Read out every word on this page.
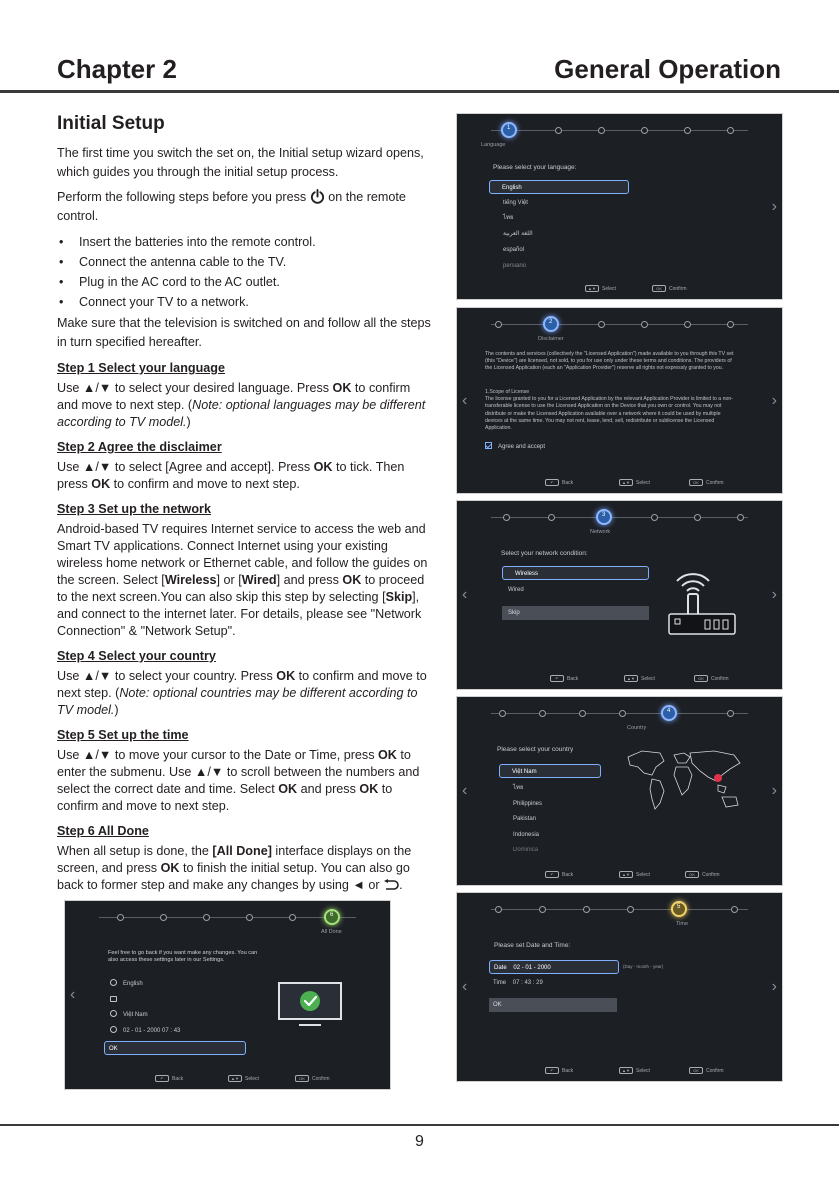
Chapter 2	General Operation
Initial Setup

The first time you switch the set on, the Initial setup wizard opens, which guides you through the initial setup process.

Perform the following steps before you press on the remote control.

• Insert the batteries into the remote control.
• Connect the antenna cable to the TV.
• Plug in the AC cord to the AC outlet.
• Connect your TV to a network.

Make sure that the television is switched on and follow all the steps in turn specified hereafter.

Step 1 Select your language

Use ▲/▼ to select your desired language. Press OK to confirm and move to next step. (Note: optional languages may be different according to TV model.)

Step 2 Agree the disclaimer

Use ▲/▼ to select [Agree and accept]. Press OK to tick. Then press OK to confirm and move to next step.

Step 3 Set up the network

Android-based TV requires Internet service to access the web and Smart TV applications. Connect Internet using your existing wireless home network or Ethernet cable, and follow the guides on the screen. Select [Wireless] or [Wired] and press OK to proceed to the next screen.You can also skip this step by selecting [Skip], and connect to the internet later. For details, please see "Network Connection" & "Network Setup".

Step 4 Select your country

Use ▲/▼ to select your country. Press OK to confirm and move to next step. (Note: optional countries may be different according to TV model.)

Step 5 Set up the time

Use ▲/▼ to move your cursor to the Date or Time, press OK to enter the submenu. Use ▲/▼ to scroll between the numbers and select the correct date and time. Select OK and press OK to confirm and move to next step.

Step 6 All Done

When all setup is done, the [All Done] interface displays on the screen, and press OK to finish the initial setup. You can also go back to former step and make any changes by using ◄ or .

1
Language
Please select your language:
English
tiếng Việt
ไทย
اللغة العربية
español
persiano
›
▲▼	Select	OK	Confirm
2
Disclaimer
The contents and services (collectively the "Licensed Application") made available to you through this TV set (this "Device") are licensed, not sold, to you for use only under these terms and conditions. The providers of the Licensed Application (each an "Application Provider") reserve all rights not expressly granted to you.
1.Scope of License
The license granted to you for a Licensed Application by the relevant Application Provider is limited to a non-transferable license to use the Licensed Application on the Device that you own or control. You may not distribute or make the Licensed Application available over a network where it could be used by multiple devices at the same time. You may not rent, lease, lend, sell, redistribute or sublicense the Licensed Application.
Agree and accept
‹	›
↶	Back	▲▼	Select	OK	Confirm
3
Network
Select your network condition:
Wireless
Wired
Skip
‹	›
↶	Back	▲▼	Select	OK	Confirm
4
Country
Please select your country
Việt Nam
ไทย
Philippines
Pakistan
Indonesia
Dominica
‹	›
↶	Back	▲▼	Select	OK	Confirm
5
Time
Please set Date and Time:
Date 02 - 01 - 2000	(Day - month - year)
Time 07 : 43 : 29
OK
‹	›
↶	Back	▲▼	Select	OK	Confirm
6
All Done
Feel free to go back if you want make any changes. You can also access these settings later in our Settings.
English
Việt Nam
02 - 01 - 2000 07 : 43
OK
‹
↶	Back	▲▼	Select	OK	Confirm
9
